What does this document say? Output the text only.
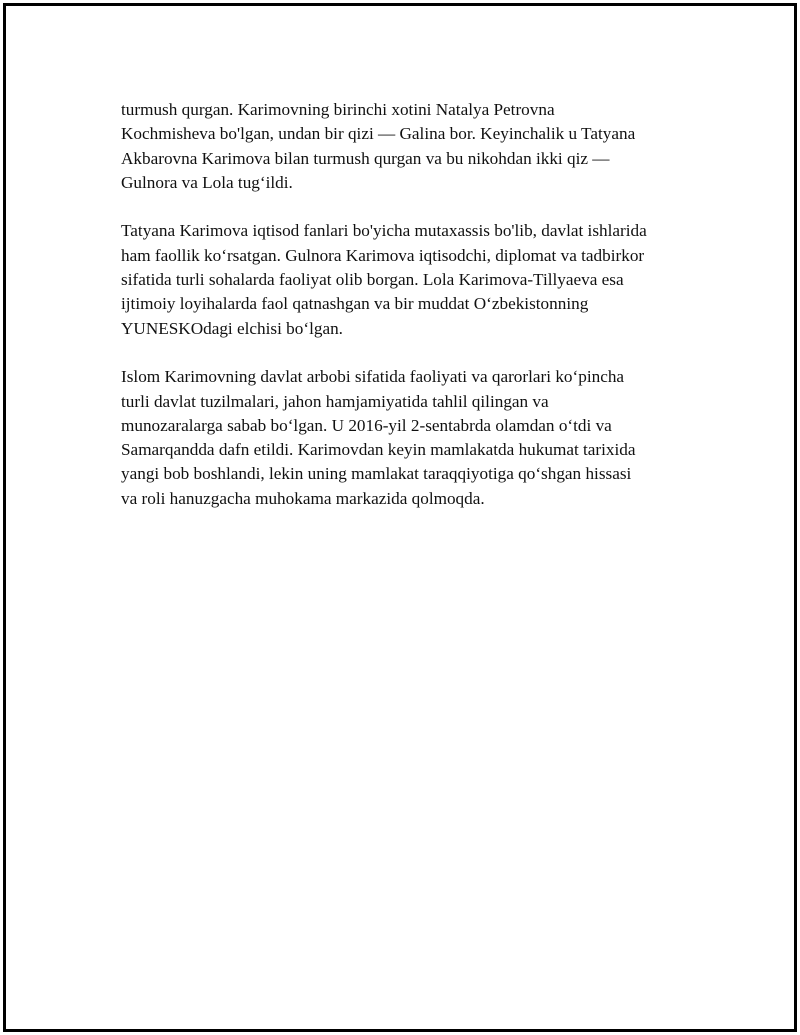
turmush qurgan. Karimovning birinchi xotini Natalya Petrovna
Kochmisheva bo'lgan, undan bir qizi — Galina bor. Keyinchalik u Tatyana
Akbarovna Karimova bilan turmush qurgan va bu nikohdan ikki qiz —
Gulnora va Lola tug‘ildi.

Tatyana Karimova iqtisod fanlari bo'yicha mutaxassis bo'lib, davlat ishlarida
ham faollik ko‘rsatgan. Gulnora Karimova iqtisodchi, diplomat va tadbirkor
sifatida turli sohalarda faoliyat olib borgan. Lola Karimova-Tillyaeva esa
ijtimoiy loyihalarda faol qatnashgan va bir muddat O‘zbekistonning
YUNESKOdagi elchisi bo‘lgan.

Islom Karimovning davlat arbobi sifatida faoliyati va qarorlari ko‘pincha
turli davlat tuzilmalari, jahon hamjamiyatida tahlil qilingan va
munozaralarga sabab bo‘lgan. U 2016-yil 2-sentabrda olamdan o‘tdi va
Samarqandda dafn etildi. Karimovdan keyin mamlakatda hukumat tarixida
yangi bob boshlandi, lekin uning mamlakat taraqqiyotiga qo‘shgan hissasi
va roli hanuzgacha muhokama markazida qolmoqda.
